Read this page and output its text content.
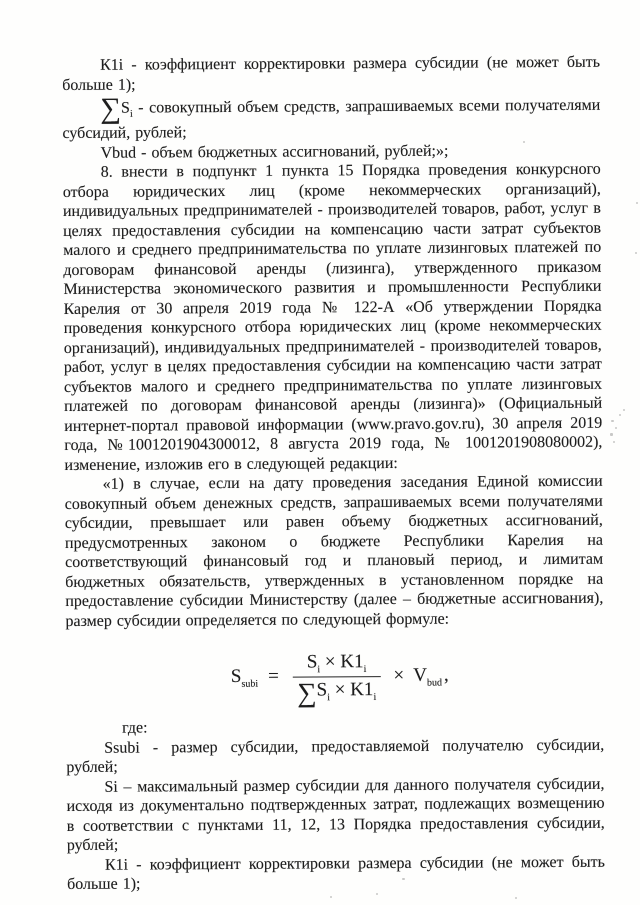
К1i - коэффициент корректировки размера субсидии (не может быть больше 1);

$\sum S_i$ - совокупный объем средств, запрашиваемых всеми получателями субсидий, рублей;

Vbud - объем бюджетных ассигнований, рублей;»;

8. внести в подпункт 1 пункта 15 Порядка проведения конкурсного отбора юридических лиц (кроме некоммерческих организаций), индивидуальных предпринимателей - производителей товаров, работ, услуг в целях предоставления субсидии на компенсацию части затрат субъектов малого и среднего предпринимательства по уплате лизинговых платежей по договорам финансовой аренды (лизинга), утвержденного приказом Министерства экономического развития и промышленности Республики Карелия от 30 апреля 2019 года № 122-А «Об утверждении Порядка проведения конкурсного отбора юридических лиц (кроме некоммерческих организаций), индивидуальных предпринимателей - производителей товаров, работ, услуг в целях предоставления субсидии на компенсацию части затрат субъектов малого и среднего предпринимательства по уплате лизинговых платежей по договорам финансовой аренды (лизинга)» (Официальный интернет-портал правовой информации (www.pravo.gov.ru), 30 апреля 2019 года, №1001201904300012, 8 августа 2019 года, № 1001201908080002), изменение, изложив его в следующей редакции:

«1) в случае, если на дату проведения заседания Единой комиссии совокупный объем денежных средств, запрашиваемых всеми получателями субсидии, превышает или равен объему бюджетных ассигнований, предусмотренных законом о бюджете Республики Карелия на соответствующий финансовый год и плановый период, и лимитам бюджетных обязательств, утвержденных в установленном порядке на предоставление субсидии Министерству (далее – бюджетные ассигнования), размер субсидии определяется по следующей формуле:

$S_{subi} = \frac{S_i \times K1_i}{\sum S_i \times K1_i} \times V_{bud}$ ,

где:

Ssubi - размер субсидии, предоставляемой получателю субсидии, рублей;

Si – максимальный размер субсидии для данного получателя субсидии, исходя из документально подтвержденных затрат, подлежащих возмещению в соответствии с пунктами 11, 12, 13 Порядка предоставления субсидии, рублей;

К1i - коэффициент корректировки размера субсидии (не может быть больше 1);
